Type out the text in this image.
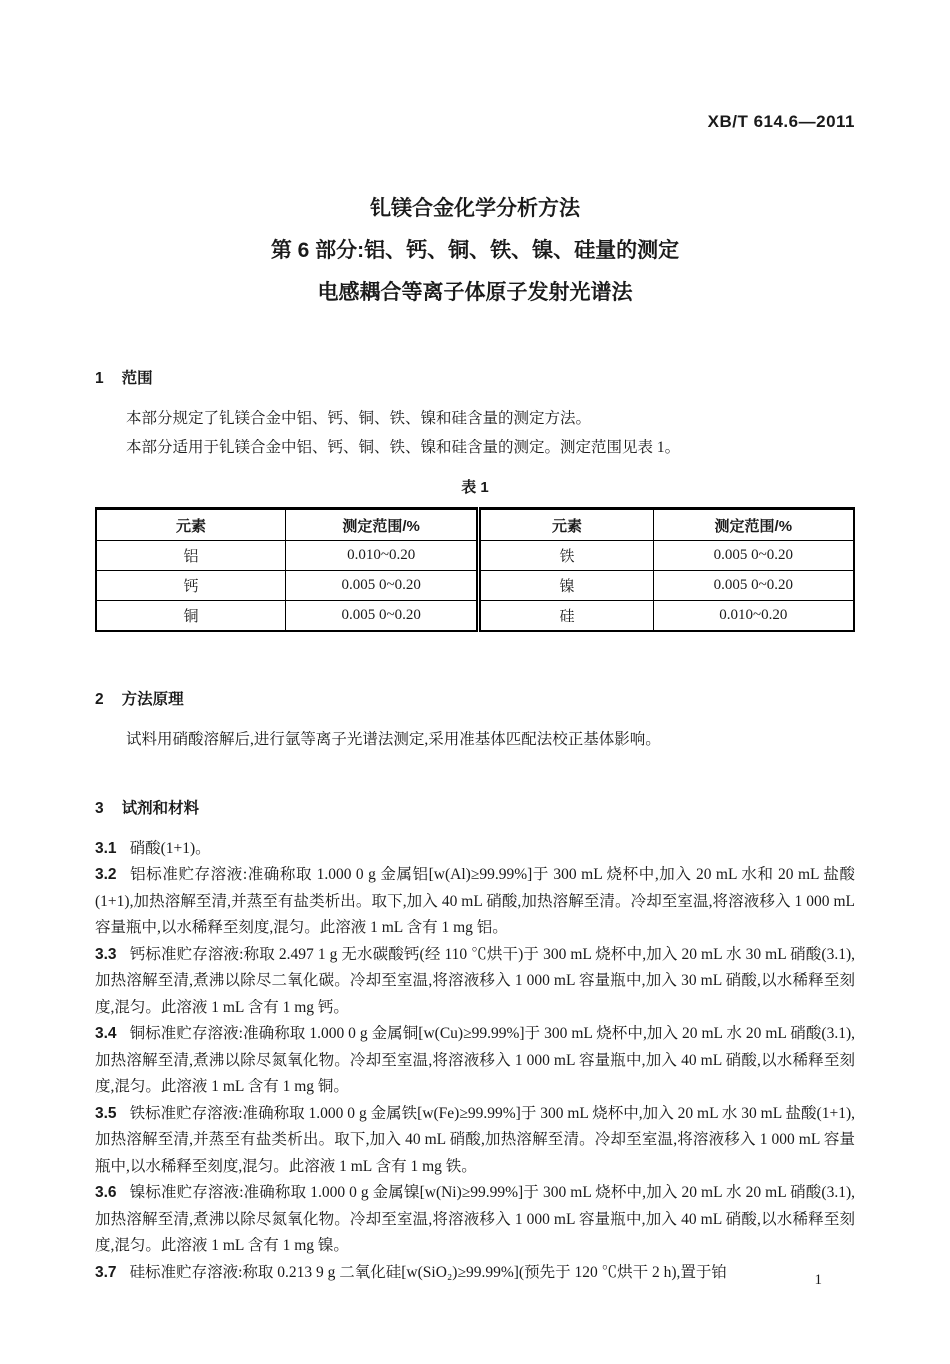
XB/T 614.6—2011
钆镁合金化学分析方法
第 6 部分:铝、钙、铜、铁、镍、硅量的测定
电感耦合等离子体原子发射光谱法
1 范围

本部分规定了钆镁合金中铝、钙、铜、铁、镍和硅含量的测定方法。

本部分适用于钆镁合金中铝、钙、铜、铁、镍和硅含量的测定。测定范围见表 1。

表 1
元素	测定范围/%	元素	测定范围/%
铝	0.010~0.20	铁	0.005 0~0.20
钙	0.005 0~0.20	镍	0.005 0~0.20
铜	0.005 0~0.20	硅	0.010~0.20
2 方法原理

试料用硝酸溶解后,进行氩等离子光谱法测定,采用准基体匹配法校正基体影响。

3 试剂和材料

3.1 硝酸(1+1)。

3.2 铝标准贮存溶液:准确称取 1.000 0 g 金属铝[w(Al)≥99.99%]于 300 mL 烧杯中,加入 20 mL 水和 20 mL 盐酸(1+1),加热溶解至清,并蒸至有盐类析出。取下,加入 40 mL 硝酸,加热溶解至清。冷却至室温,将溶液移入 1 000 mL 容量瓶中,以水稀释至刻度,混匀。此溶液 1 mL 含有 1 mg 铝。

3.3 钙标准贮存溶液:称取 2.497 1 g 无水碳酸钙(经 110 ℃烘干)于 300 mL 烧杯中,加入 20 mL 水 30 mL 硝酸(3.1),加热溶解至清,煮沸以除尽二氧化碳。冷却至室温,将溶液移入 1 000 mL 容量瓶中,加入 30 mL 硝酸,以水稀释至刻度,混匀。此溶液 1 mL 含有 1 mg 钙。

3.4 铜标准贮存溶液:准确称取 1.000 0 g 金属铜[w(Cu)≥99.99%]于 300 mL 烧杯中,加入 20 mL 水 20 mL 硝酸(3.1),加热溶解至清,煮沸以除尽氮氧化物。冷却至室温,将溶液移入 1 000 mL 容量瓶中,加入 40 mL 硝酸,以水稀释至刻度,混匀。此溶液 1 mL 含有 1 mg 铜。

3.5 铁标准贮存溶液:准确称取 1.000 0 g 金属铁[w(Fe)≥99.99%]于 300 mL 烧杯中,加入 20 mL 水 30 mL 盐酸(1+1),加热溶解至清,并蒸至有盐类析出。取下,加入 40 mL 硝酸,加热溶解至清。冷却至室温,将溶液移入 1 000 mL 容量瓶中,以水稀释至刻度,混匀。此溶液 1 mL 含有 1 mg 铁。

3.6 镍标准贮存溶液:准确称取 1.000 0 g 金属镍[w(Ni)≥99.99%]于 300 mL 烧杯中,加入 20 mL 水 20 mL 硝酸(3.1),加热溶解至清,煮沸以除尽氮氧化物。冷却至室温,将溶液移入 1 000 mL 容量瓶中,加入 40 mL 硝酸,以水稀释至刻度,混匀。此溶液 1 mL 含有 1 mg 镍。

3.7 硅标准贮存溶液:称取 0.213 9 g 二氧化硅[w(SiO₂)≥99.99%](预先于 120 ℃烘干 2 h),置于铂	1
